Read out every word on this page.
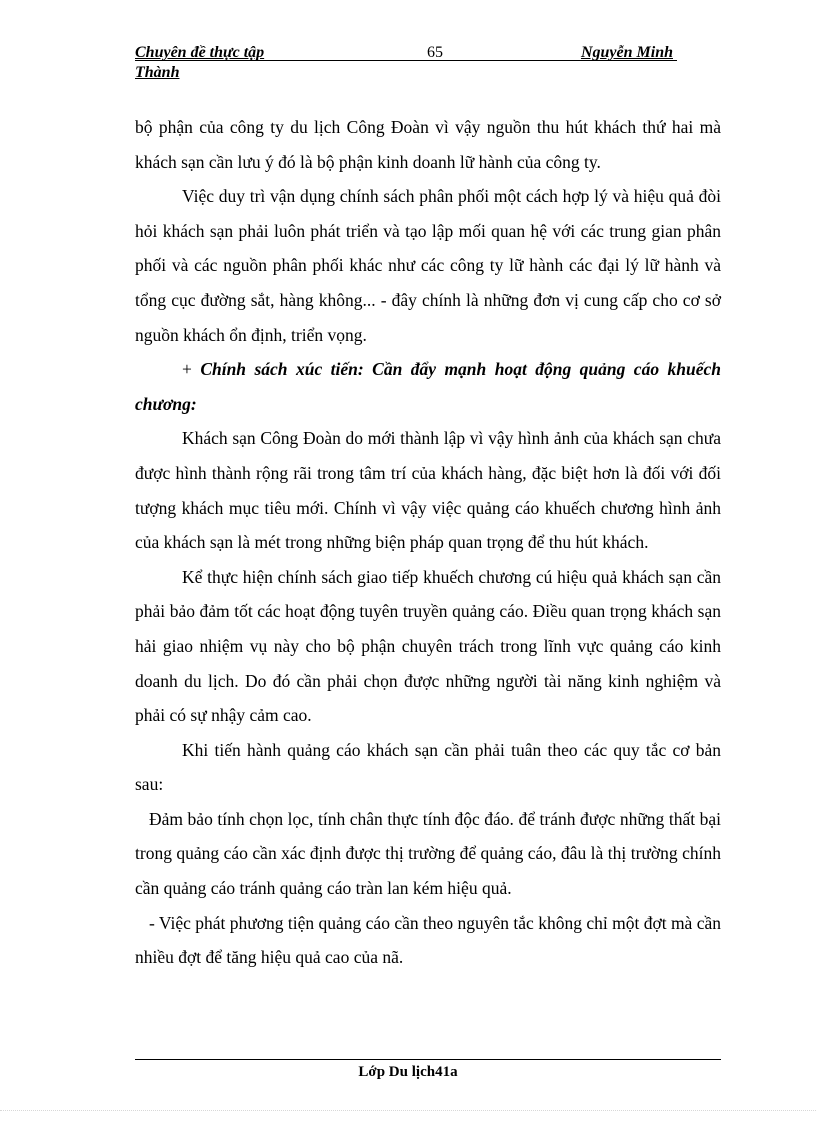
Chuyên đề thực tập	65	Nguyễn Minh
Thành

bộ phận của công ty du lịch Công Đoàn vì vậy nguồn thu hút khách thứ hai mà khách sạn cần lưu ý đó là bộ phận kinh doanh lữ hành của công ty.

Việc duy trì vận dụng chính sách phân phối một cách hợp lý và hiệu quả đòi hỏi khách sạn phải luôn phát triển và tạo lập mối quan hệ với các trung gian phân phối và các nguồn phân phối khác như các công ty lữ hành các đại lý lữ hành và tổng cục đường sắt, hàng không... - đây chính là những đơn vị cung cấp cho cơ sở nguồn khách ổn định, triển vọng.

+ Chính sách xúc tiến: Cần đẩy mạnh hoạt động quảng cáo khuếch chương:

Khách sạn Công Đoàn do mới thành lập vì vậy hình ảnh của khách sạn chưa được hình thành rộng rãi trong tâm trí của khách hàng, đặc biệt hơn là đối với đối tượng khách mục tiêu mới. Chính vì vậy việc quảng cáo khuếch chương hình ảnh của khách sạn là mét trong những biện pháp quan trọng để thu hút khách.

Kể thực hiện chính sách giao tiếp khuếch chương cú hiệu quả khách sạn cần phải bảo đảm tốt các hoạt động tuyên truyền quảng cáo. Điều quan trọng khách sạn hải giao nhiệm vụ này cho bộ phận chuyên trách trong lĩnh vực quảng cáo kinh doanh du lịch. Do đó cần phải chọn được những người tài năng kinh nghiệm và phải có sự nhậy cảm cao.

Khi tiến hành quảng cáo khách sạn cần phải tuân theo các quy tắc cơ bản sau:

Đảm bảo tính chọn lọc, tính chân thực tính độc đáo. để tránh được những thất bại trong quảng cáo cần xác định được thị trường để quảng cáo, đâu là thị trường chính cần quảng cáo tránh quảng cáo tràn lan kém hiệu quả.

- Việc phát phương tiện quảng cáo cần theo nguyên tắc không chỉ một đợt mà cần nhiều đợt để tăng hiệu quả cao của nã.

Lớp Du lịch41a
